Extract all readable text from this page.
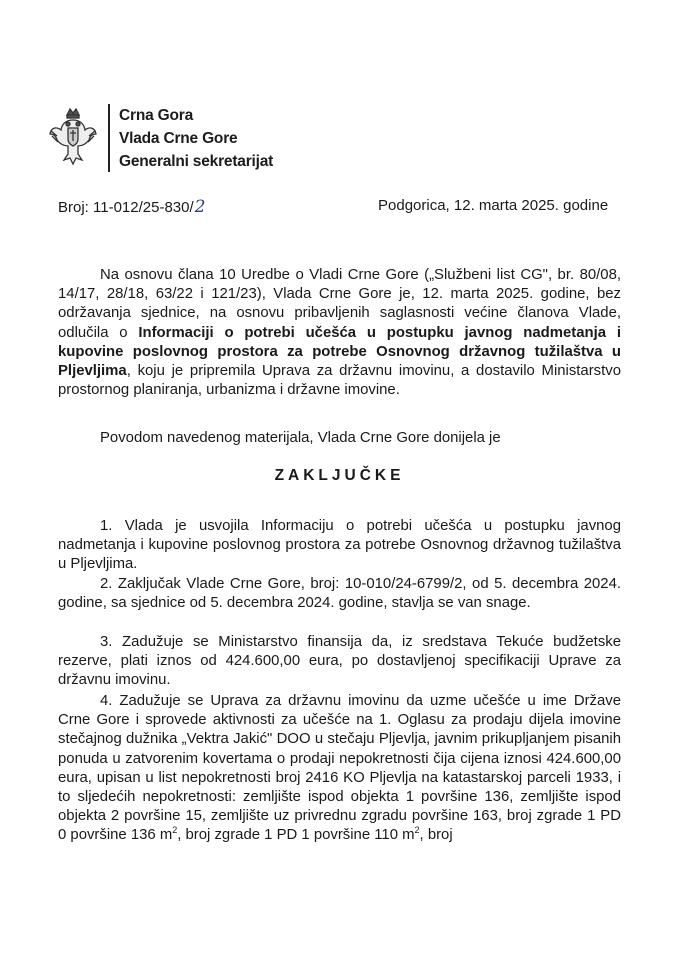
Crna Gora
Vlada Crne Gore
Generalni sekretarijat
Broj: 11-012/25-830/2	Podgorica, 12. marta 2025. godine
Na osnovu člana 10 Uredbe o Vladi Crne Gore („Službeni list CG", br. 80/08, 14/17, 28/18, 63/22 i 121/23), Vlada Crne Gore je, 12. marta 2025. godine, bez održavanja sjednice, na osnovu pribavljenih saglasnosti većine članova Vlade, odlučila o Informaciji o potrebi učešća u postupku javnog nadmetanja i kupovine poslovnog prostora za potrebe Osnovnog državnog tužilaštva u Pljevljima, koju je pripremila Uprava za državnu imovinu, a dostavilo Ministarstvo prostornog planiranja, urbanizma i državne imovine.
Povodom navedenog materijala, Vlada Crne Gore donijela je
ZAKLJUČKE
1. Vlada je usvojila Informaciju o potrebi učešća u postupku javnog nadmetanja i kupovine poslovnog prostora za potrebe Osnovnog državnog tužilaštva u Pljevljima.
2. Zaključak Vlade Crne Gore, broj: 10-010/24-6799/2, od 5. decembra 2024. godine, sa sjednice od 5. decembra 2024. godine, stavlja se van snage.
3. Zadužuje se Ministarstvo finansija da, iz sredstava Tekuće budžetske rezerve, plati iznos od 424.600,00 eura, po dostavljenoj specifikaciji Uprave za državnu imovinu.
4. Zadužuje se Uprava za državnu imovinu da uzme učešće u ime Države Crne Gore i sprovede aktivnosti za učešće na 1. Oglasu za prodaju dijela imovine stečajnog dužnika „Vektra Jakić" DOO u stečaju Pljevlja, javnim prikupljanjem pisanih ponuda u zatvorenim kovertama o prodaji nepokretnosti čija cijena iznosi 424.600,00 eura, upisan u list nepokretnosti broj 2416 KO Pljevlja na katastarskoj parceli 1933, i to sljedećih nepokretnosti: zemljište ispod objekta 1 površine 136, zemljište ispod objekta 2 površine 15, zemljište uz privrednu zgradu površine 163, broj zgrade 1 PD 0 površine 136 $m^2$, broj zgrade 1 PD 1 površine 110 $m^2$, broj
